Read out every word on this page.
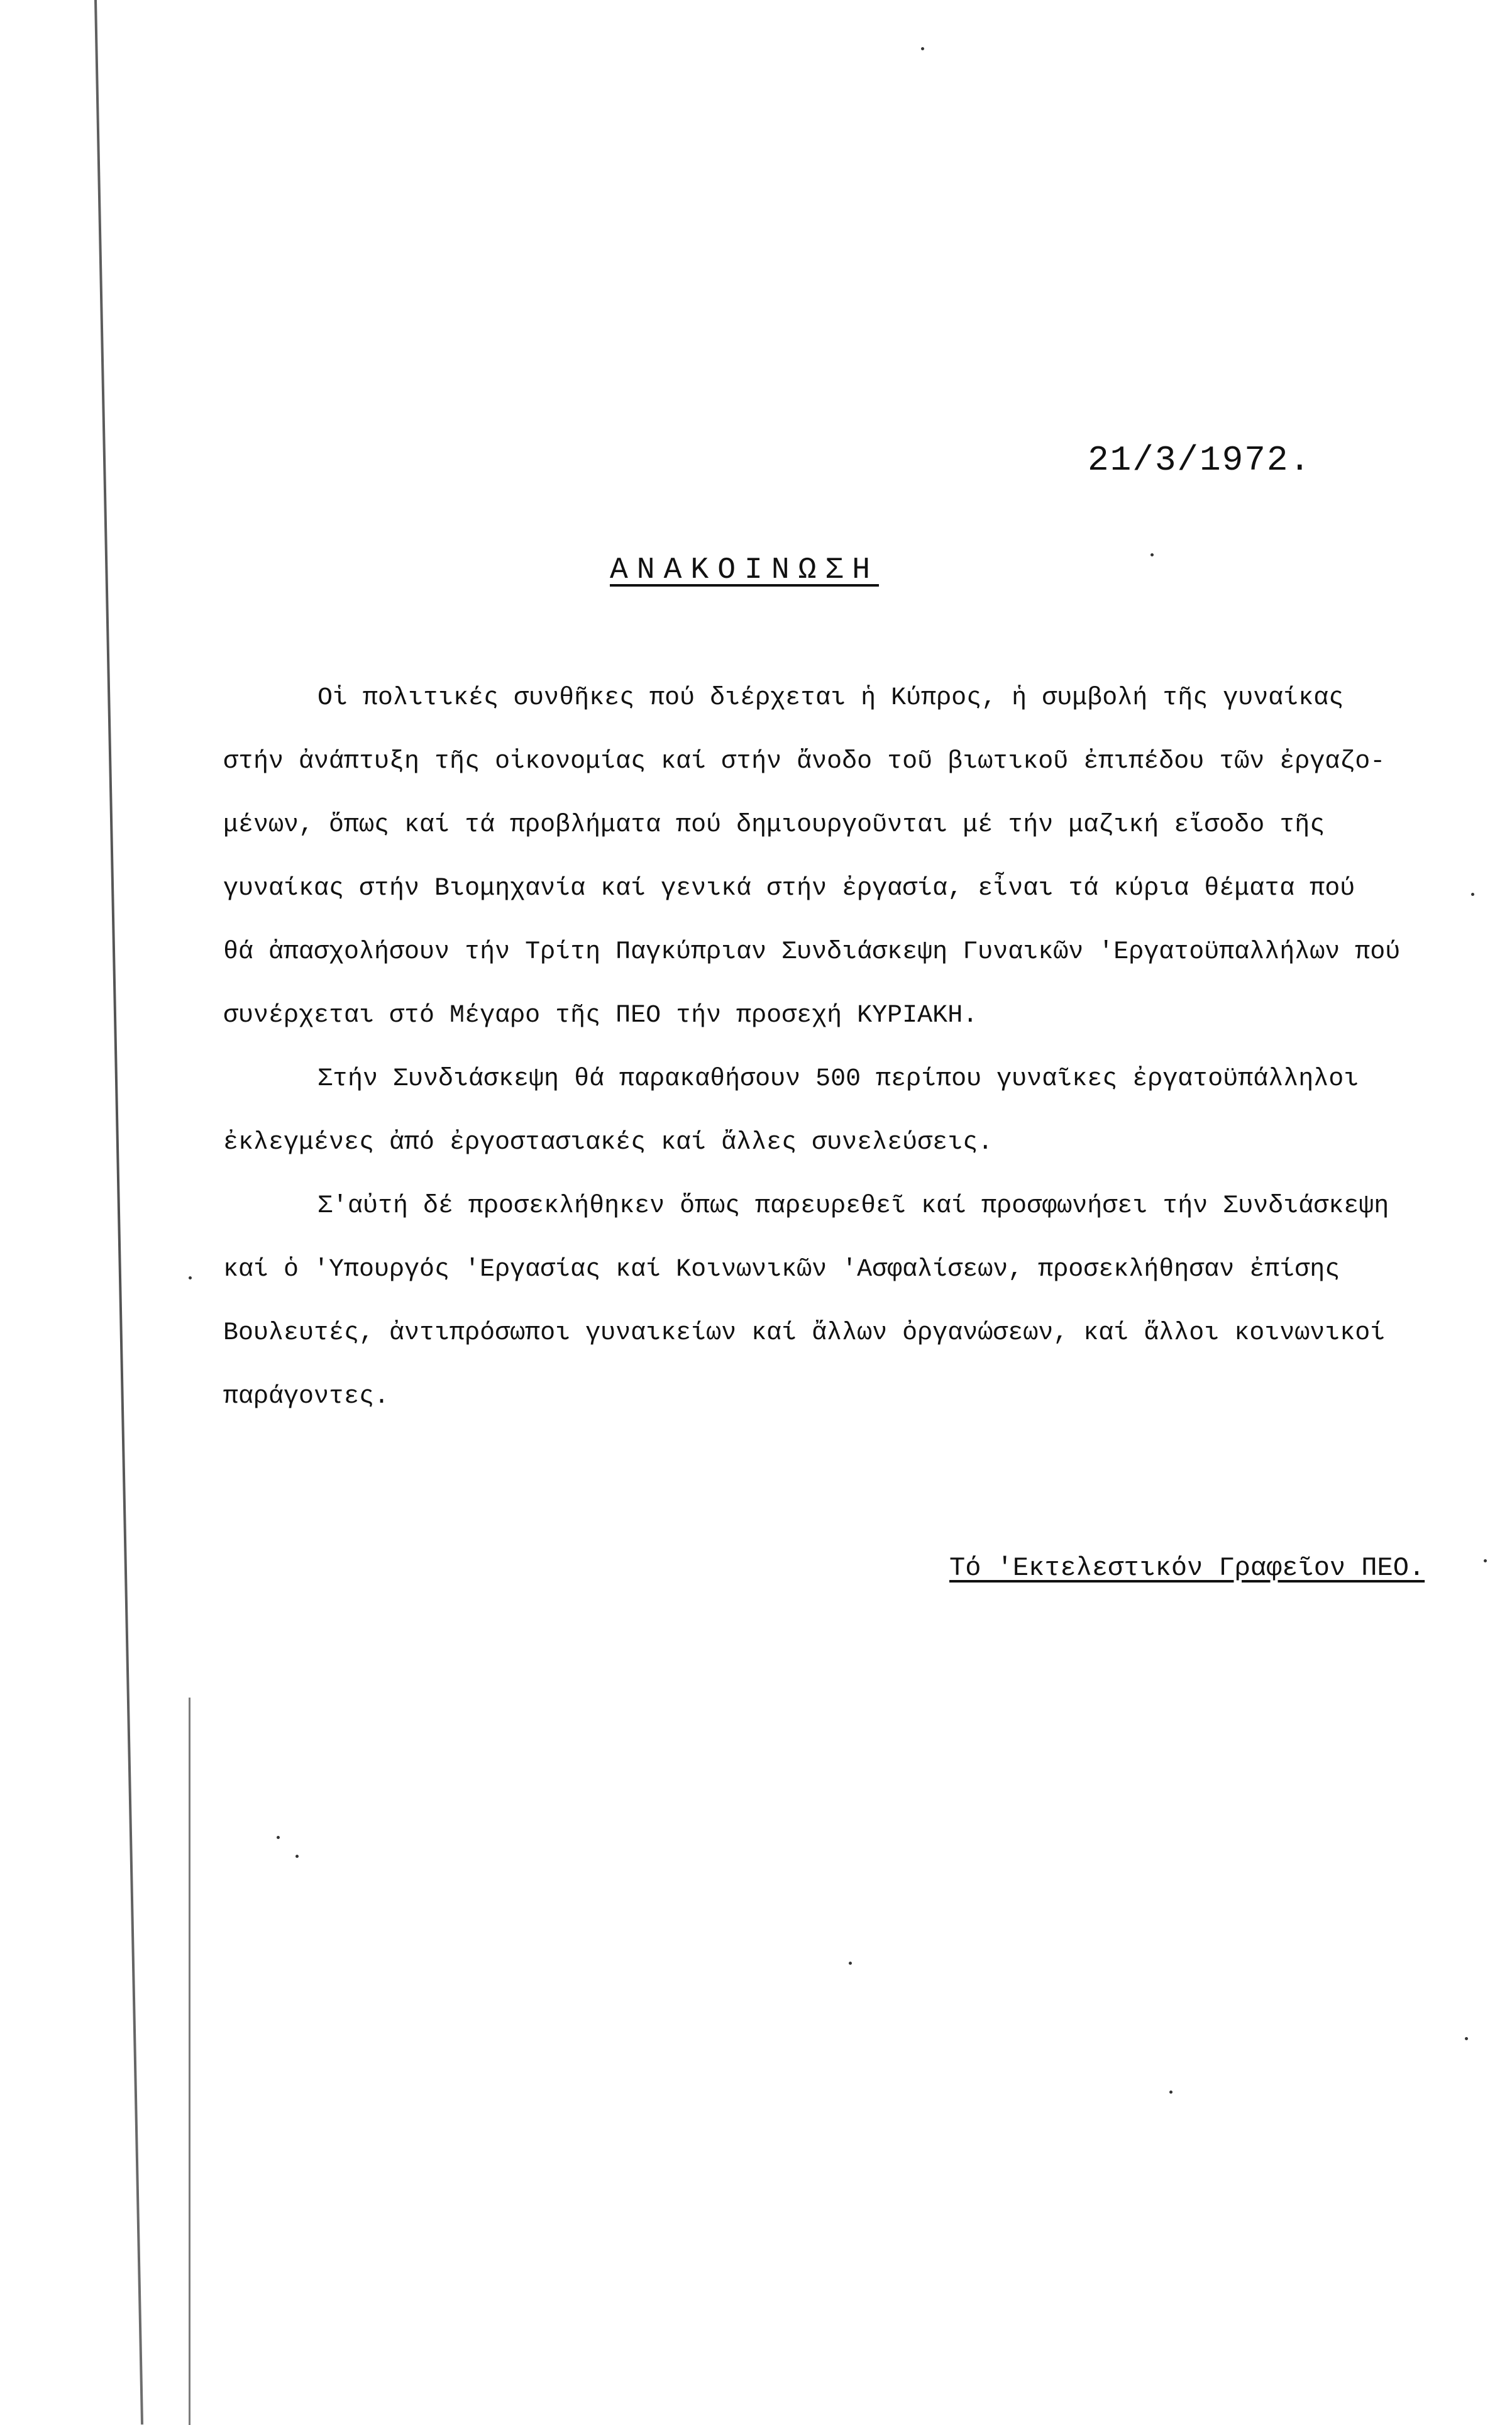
21/3/1972.
ΑΝΑΚΟΙΝΩΣΗ
Οἱ πολιτικές συνθῆκες πού διέρχεται ἡ Κύπρος, ἡ συμβολή τῆς γυναίκας
στήν ἀνάπτυξη τῆς οἰκονομίας καί στήν ἄνοδο τοῦ βιωτικοῦ ἐπιπέδου τῶν ἐργαζο-
μένων, ὅπως καί τά προβλήματα πού δημιουργοῦνται μέ τήν μαζική εἴσοδο τῆς
γυναίκας στήν Βιομηχανία καί γενικά στήν ἐργασία, εἶναι τά κύρια θέματα πού
θά ἀπασχολήσουν τήν Τρίτη Παγκύπριαν Συνδιάσκεψη Γυναικῶν 'Εργατοϋπαλλήλων πού
συνέρχεται στό Μέγαρο τῆς ΠΕΟ τήν προσεχή ΚΥΡΙΑΚΗ.
Στήν Συνδιάσκεψη θά παρακαθήσουν 500 περίπου γυναῖκες ἐργατοϋπάλληλοι
ἐκλεγμένες ἀπό ἐργοστασιακές καί ἄλλες συνελεύσεις.
Σ'αὐτή δέ προσεκλήθηκεν ὅπως παρευρεθεῖ καί προσφωνήσει τήν Συνδιάσκεψη
καί ὁ 'Υπουργός 'Εργασίας καί Κοινωνικῶν 'Ασφαλίσεων, προσεκλήθησαν ἐπίσης
Βουλευτές, ἀντιπρόσωποι γυναικείων καί ἄλλων ὀργανώσεων, καί ἄλλοι κοινωνικοί
παράγοντες.
Τό 'Εκτελεστικόν Γραφεῖον ΠΕΟ.
